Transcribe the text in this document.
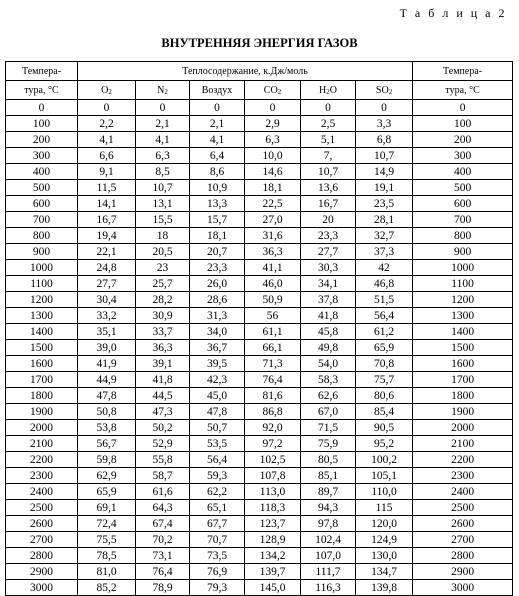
Т а б л и ц а 2
ВНУТРЕННЯЯ ЭНЕРГИЯ ГАЗОВ
Темпера-	Теплосодержание, к.Дж/моль						Темпера-
тура, °С	$O_2$	$N_2$	Воздух	$CO_2$	$H_2O$	$SO_2$	тура, °С
0	0	0	0	0	0	0	0
100	2,2	2,1	2,1	2,9	2,5	3,3	100
200	4,1	4,1	4,1	6,3	5,1	6,8	200
300	6,6	6,3	6,4	10,0	7,	10,7	300
400	9,1	8,5	8,6	14,6	10,7	14,9	400
500	11,5	10,7	10,9	18,1	13,6	19,1	500
600	14,1	13,1	13,3	22,5	16,7	23,5	600
700	16,7	15,5	15,7	27,0	20	28,1	700
800	19,4	18	18,1	31,6	23,3	32,7	800
900	22,1	20,5	20,7	36,3	27,7	37,3	900
1000	24,8	23	23,3	41,1	30,3	42	1000
1100	27,7	25,7	26,0	46,0	34,1	46,8	1100
1200	30,4	28,2	28,6	50,9	37,8	51,5	1200
1300	33,2	30,9	31,3	56	41,8	56,4	1300
1400	35,1	33,7	34,0	61,1	45,8	61,2	1400
1500	39,0	36,3	36,7	66,1	49,8	65,9	1500
1600	41,9	39,1	39,5	71,3	54,0	70,8	1600
1700	44,9	41,8	42,3	76,4	58,3	75,7	1700
1800	47,8	44,5	45,0	81,6	62,6	80,6	1800
1900	50,8	47,3	47,8	86,8	67,0	85,4	1900
2000	53,8	50,2	50,7	92,0	71,5	90,5	2000
2100	56,7	52,9	53,5	97,2	75,9	95,2	2100
2200	59,8	55,8	56,4	102,5	80,5	100,2	2200
2300	62,9	58,7	59,3	107,8	85,1	105,1	2300
2400	65,9	61,6	62,2	113,0	89,7	110,0	2400
2500	69,1	64,3	65,1	118,3	94,3	115	2500
2600	72,4	67,4	67,7	123,7	97,8	120,0	2600
2700	75,5	70,2	70,7	128,9	102,4	124,9	2700
2800	78,5	73,1	73,5	134,2	107,0	130,0	2800
2900	81,0	76,4	76,9	139,7	111,7	134,7	2900
3000	85,2	78,9	79,3	145,0	116,3	139,8	3000
